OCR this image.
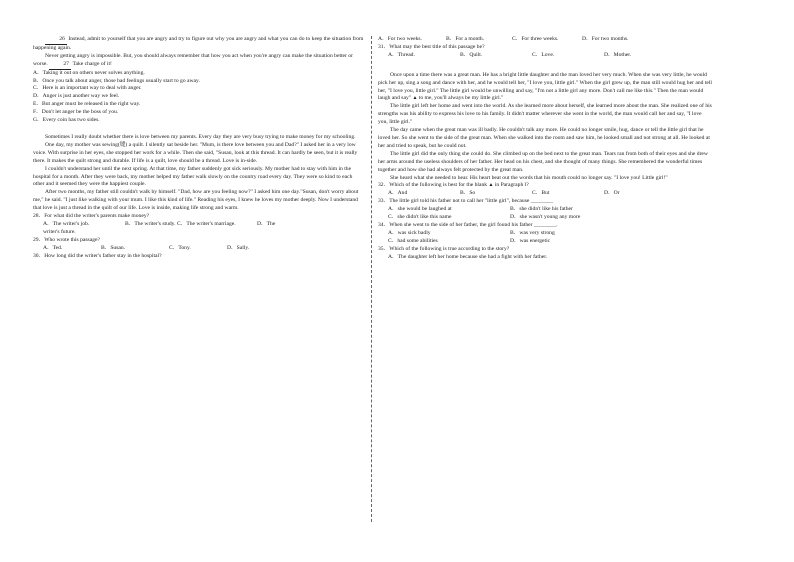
26 Instead, admit to yourself that you are angry and try to figure out why you are angry and what you can do to keep the situation from happening again.

Never getting angry is impossible. But, you should always remember that how you act when you're angry can make the situation better or worse.	27 Take charge of it!

A．Taking it out on others never solves anything.

B．Once you talk about anger, those bad feelings usually start to go away.

C．Here is an important way to deal with anger.

D．Anger is just another way we feel.

E．But anger must be released in the right way.

F．Don't let anger be the boss of you.

G．Every coin has two sides.

Sometimes I really doubt whether there is love between my parents. Every day they are very busy trying to make money for my schooling.

One day, my mother was sewing(缝) a quilt. I silently sat beside her. "Mum, is there love between you and Dad?" I asked her in a very low voice. With surprise in her eyes, she stopped her work for a while. Then she said, "Susan, look at this thread. It can hardly be seen, but it is really there. It makes the quilt strong and durable. If life is a quilt, love should be a thread. Love is in-side.

I couldn't understand her until the next spring. At that time, my father suddenly got sick seriously. My mother had to stay with him in the hospital for a month. After they were back, my mother helped my father walk slowly on the country road every day. They were so kind to each other and it seemed they were the happiest couple.

After two months, my father still couldn't walk by himself. "Dad, how are you feeling now?" I asked him one day."Susan, don't worry about me," he said. "I just like walking with your mum. I like this kind of life." Reading his eyes, I knew he loves my mother deeply. Now I understand that love is just a thread in the quilt of our life. Love is inside, making life strong and warm.

28．For what did the writer's parents make money?

A．The writer's job.	B．The writer's study. C．The writer's marriage.	D．The

writer's future.

29．Who wrote this passage?

A．Ted.	B．Susan.	C．Tony.	D．Sally.

30．How long did the writer's father stay in the hospital?

A．For two weeks.	B．For a month.	C．For three weeks.	D．For two months.

31．What may the best title of this passage be?

A．Thread.	B．Quilt.	C．Love.	D．Mother.

Once upon a time there was a great man. He has a bright little daughter and the man loved her very much. When she was very little, he would pick her up, sing a song and dance with her, and he would tell her, "I love you, little girl." When the girl grew up, the man still would hug her and tell her, "I love you, little girl." The little girl would be unwilling and say, "I'm not a little girl any more. Don't call me like this." Then the man would laugh and say" ▲ to me, you'll always be my little girl."

The little girl left her home and went into the world. As she learned more about herself, she learned more about the man. She realized one of his strengths was his ability to express his love to his family. It didn't matter wherever she went in the world, the man would call her and say, "I love you, little girl."

The day came when the great man was ill badly. He couldn't talk any more. He could no longer smile, hug, dance or tell the little girl that he loved her. So she went to the side of the great man. When she walked into the room and saw him, he looked small and not strong at all. He looked at her and tried to speak, but he could not.

The little girl did the only thing she could do. She climbed up on the bed next to the great man. Tears ran from both of their eyes and she drew her arms around the useless shoulders of her father. Her head on his chest, and she thought of many things. She remembered the wonderful times together and how she had always felt protected by the great man.

She heard what she needed to hear. His heart beat out the words that his mouth could no longer say. "I love you! Little girl!"

32．Which of the following is best for the blank ▲ in Paragraph l?

A．And	B．So	C．But	D．Or

33．The little girl told his father not to call her "little girl", because ________

A．she would be laughed at	B．she didn't like his father
C．she didn't like this name	D．she wasn't young any more

34．When she went to the side of her father, the girl found his father ________.

A．was sick badly	B．was very strong
C．had some abilities	D．was energetic

35．Which of the following is true according to the story?

A．The daughter left her home because she had a fight with her father.
